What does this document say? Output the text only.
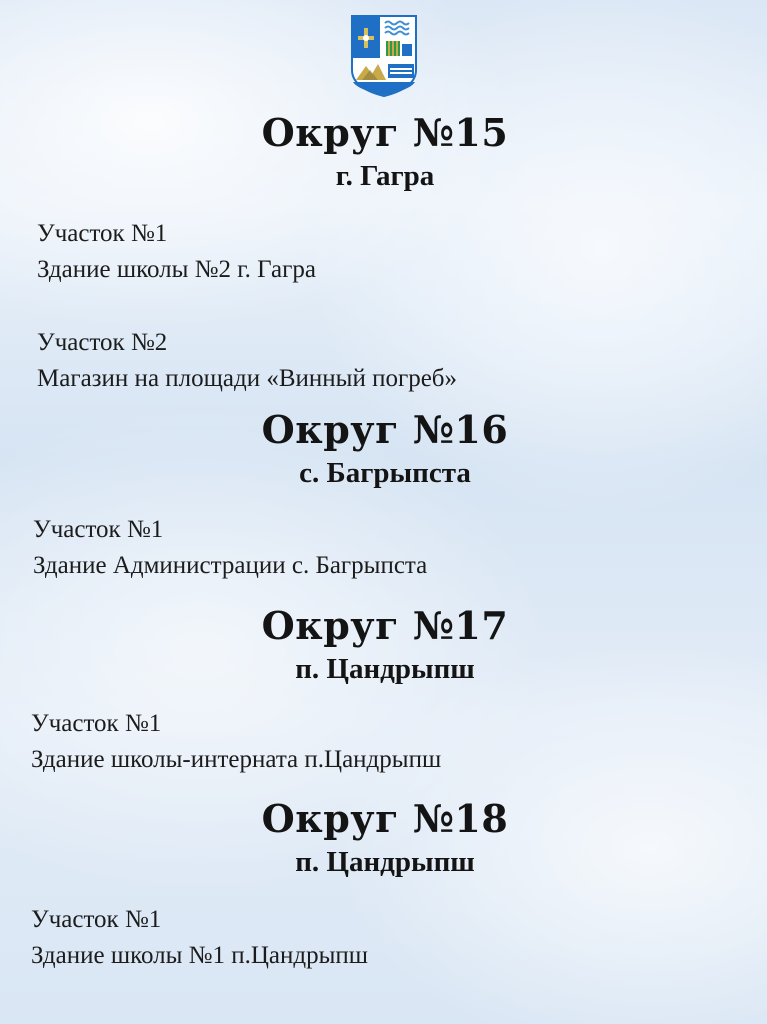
Округ №15
г. Гагра
Участок №1
Здание школы №2 г. Гагра
Участок №2
Магазин на площади «Винный погреб»
Округ №16
с. Багрыпста
Участок №1
Здание Администрации с. Багрыпста
Округ №17
п. Цандрыпш
Участок №1
Здание школы-интерната п.Цандрыпш
Округ №18
п. Цандрыпш
Участок №1
Здание школы №1 п.Цандрыпш
